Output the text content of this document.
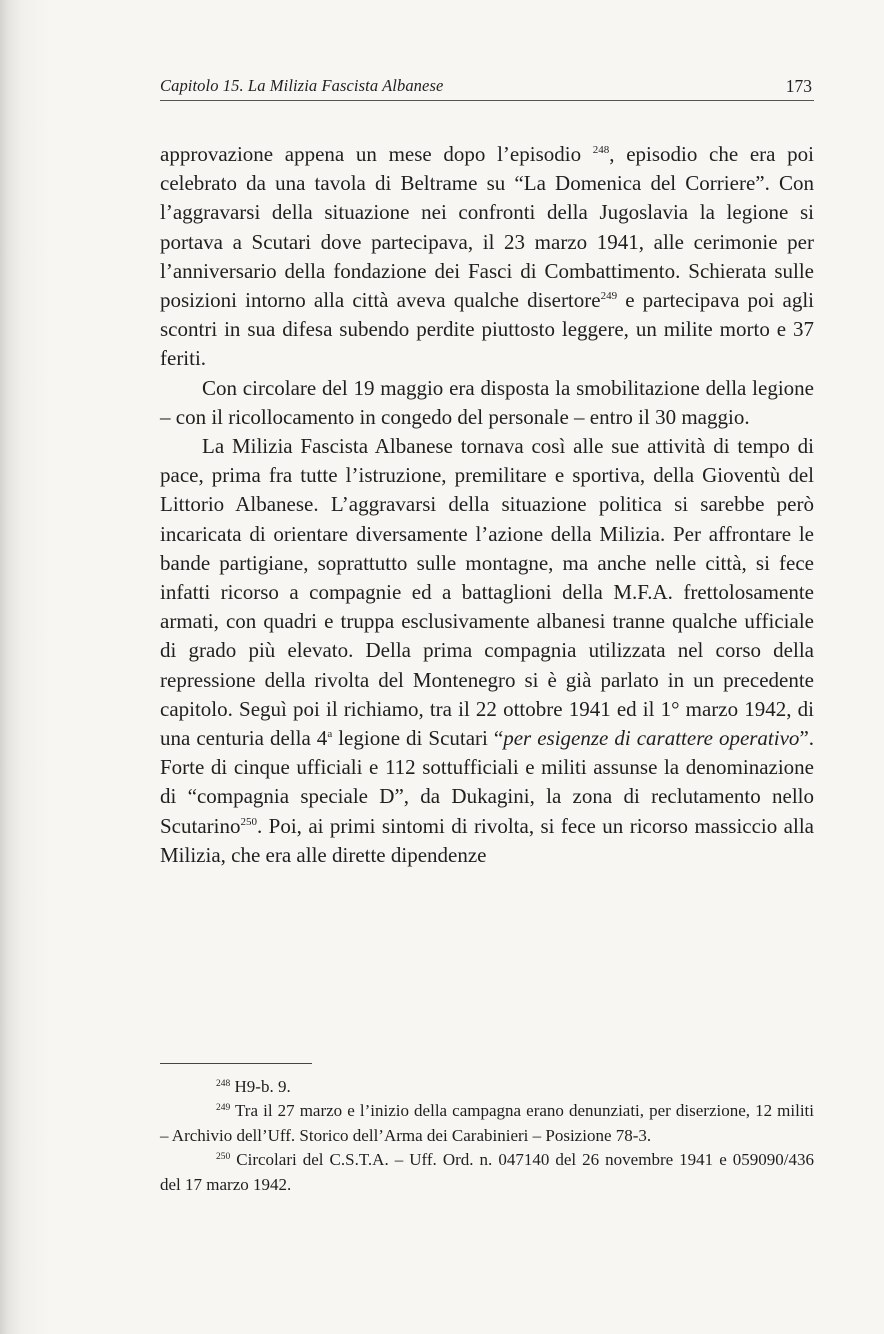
Capitolo 15. La Milizia Fascista Albanese	173

approvazione appena un mese dopo l’episodio $^{248}$, episodio che era poi celebrato da una tavola di Beltrame su “La Domenica del Corriere”. Con l’aggravarsi della situazione nei confronti della Jugoslavia la legione si portava a Scutari dove partecipava, il 23 marzo 1941, alle cerimonie per l’anniversario della fondazione dei Fasci di Combattimento. Schierata sulle posizioni intorno alla città aveva qualche disertore$^{249}$ e partecipava poi agli scontri in sua difesa subendo perdite piuttosto leggere, un milite morto e 37 feriti.

Con circolare del 19 maggio era disposta la smobilitazione della legione – con il ricollocamento in congedo del personale – entro il 30 maggio.

La Milizia Fascista Albanese tornava così alle sue attività di tempo di pace, prima fra tutte l’istruzione, premilitare e sportiva, della Gioventù del Littorio Albanese. L’aggravarsi della situazione politica si sarebbe però incaricata di orientare diversamente l’azione della Milizia. Per affrontare le bande partigiane, soprattutto sulle montagne, ma anche nelle città, si fece infatti ricorso a compagnie ed a battaglioni della M.F.A. frettolosamente armati, con quadri e truppa esclusivamente albanesi tranne qualche ufficiale di grado più elevato. Della prima compagnia utilizzata nel corso della repressione della rivolta del Montenegro si è già parlato in un precedente capitolo. Seguì poi il richiamo, tra il 22 ottobre 1941 ed il 1° marzo 1942, di una centuria della 4$^a$ legione di Scutari “per esigenze di carattere operativo”. Forte di cinque ufficiali e 112 sottufficiali e militi assunse la denominazione di “compagnia speciale D”, da Dukagini, la zona di reclutamento nello Scutarino$^{250}$. Poi, ai primi sintomi di rivolta, si fece un ricorso massiccio alla Milizia, che era alle dirette dipendenze

$^{248}$ H9-b. 9.

$^{249}$ Tra il 27 marzo e l’inizio della campagna erano denunziati, per diserzione, 12 militi – Archivio dell’Uff. Storico dell’Arma dei Carabinieri – Posizione 78-3.

$^{250}$ Circolari del C.S.T.A. – Uff. Ord. n. 047140 del 26 novembre 1941 e 059090/436 del 17 marzo 1942.
